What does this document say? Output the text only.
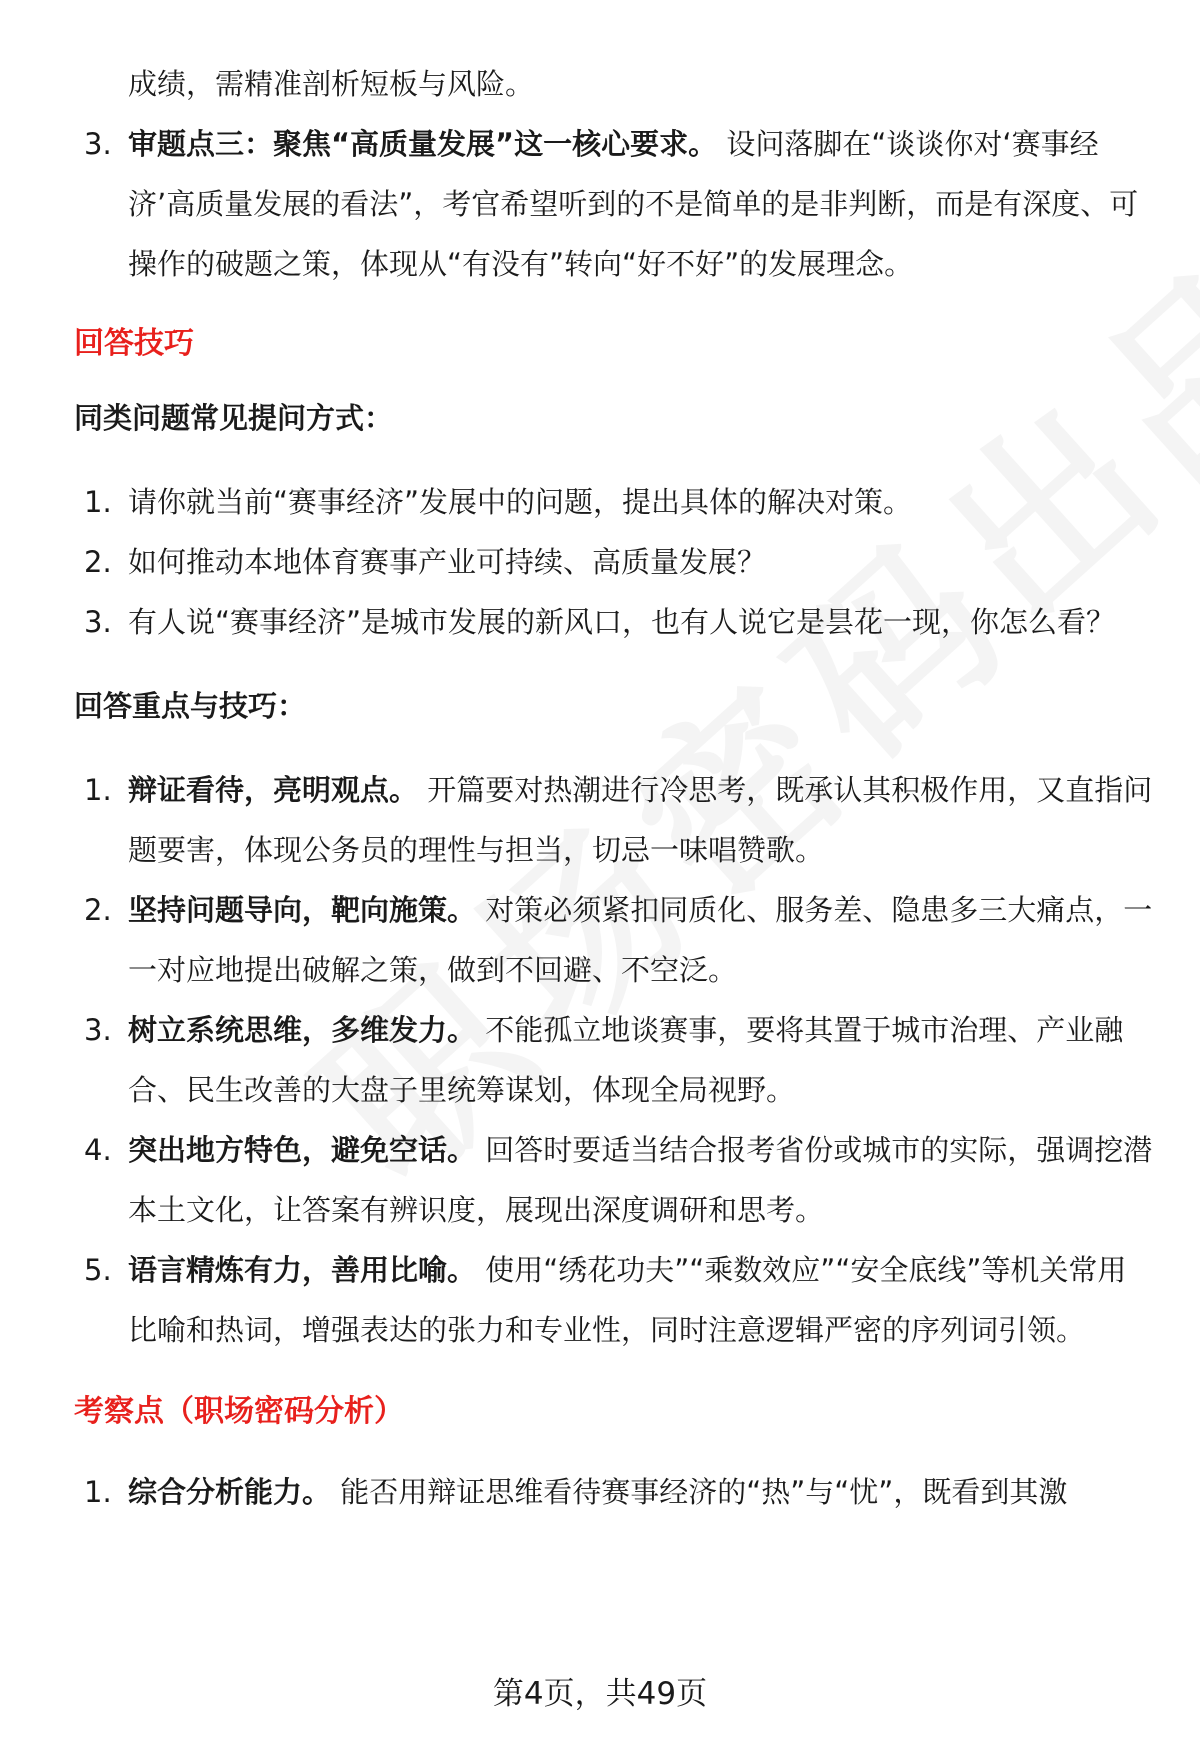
成绩，需精准剖析短板与风险。

3. 审题点三：聚焦“高质量发展”这一核心要求。 设问落脚在“谈谈你对‘赛事经济’高质量发展的看法”，考官希望听到的不是简单的是非判断，而是有深度、可操作的破题之策，体现从“有没有”转向“好不好”的发展理念。
回答技巧
同类问题常见提问方式：
1. 请你就当前“赛事经济”发展中的问题，提出具体的解决对策。
2. 如何推动本地体育赛事产业可持续、高质量发展？
3. 有人说“赛事经济”是城市发展的新风口，也有人说它是昙花一现，你怎么看？
回答重点与技巧：
1. 辩证看待，亮明观点。 开篇要对热潮进行冷思考，既承认其积极作用，又直指问题要害，体现公务员的理性与担当，切忌一味唱赞歌。
2. 坚持问题导向，靶向施策。 对策必须紧扣同质化、服务差、隐患多三大痛点，一一对应地提出破解之策，做到不回避、不空泛。
3. 树立系统思维，多维发力。 不能孤立地谈赛事，要将其置于城市治理、产业融合、民生改善的大盘子里统筹谋划，体现全局视野。
4. 突出地方特色，避免空话。 回答时要适当结合报考省份或城市的实际，强调挖潜本土文化，让答案有辨识度，展现出深度调研和思考。
5. 语言精炼有力，善用比喻。 使用“绣花功夫”“乘数效应”“安全底线”等机关常用比喻和热词，增强表达的张力和专业性，同时注意逻辑严密的序列词引领。
考察点（职场密码分析）
1. 综合分析能力。 能否用辩证思维看待赛事经济的“热”与“忧”，既看到其激
第4页，共49页
